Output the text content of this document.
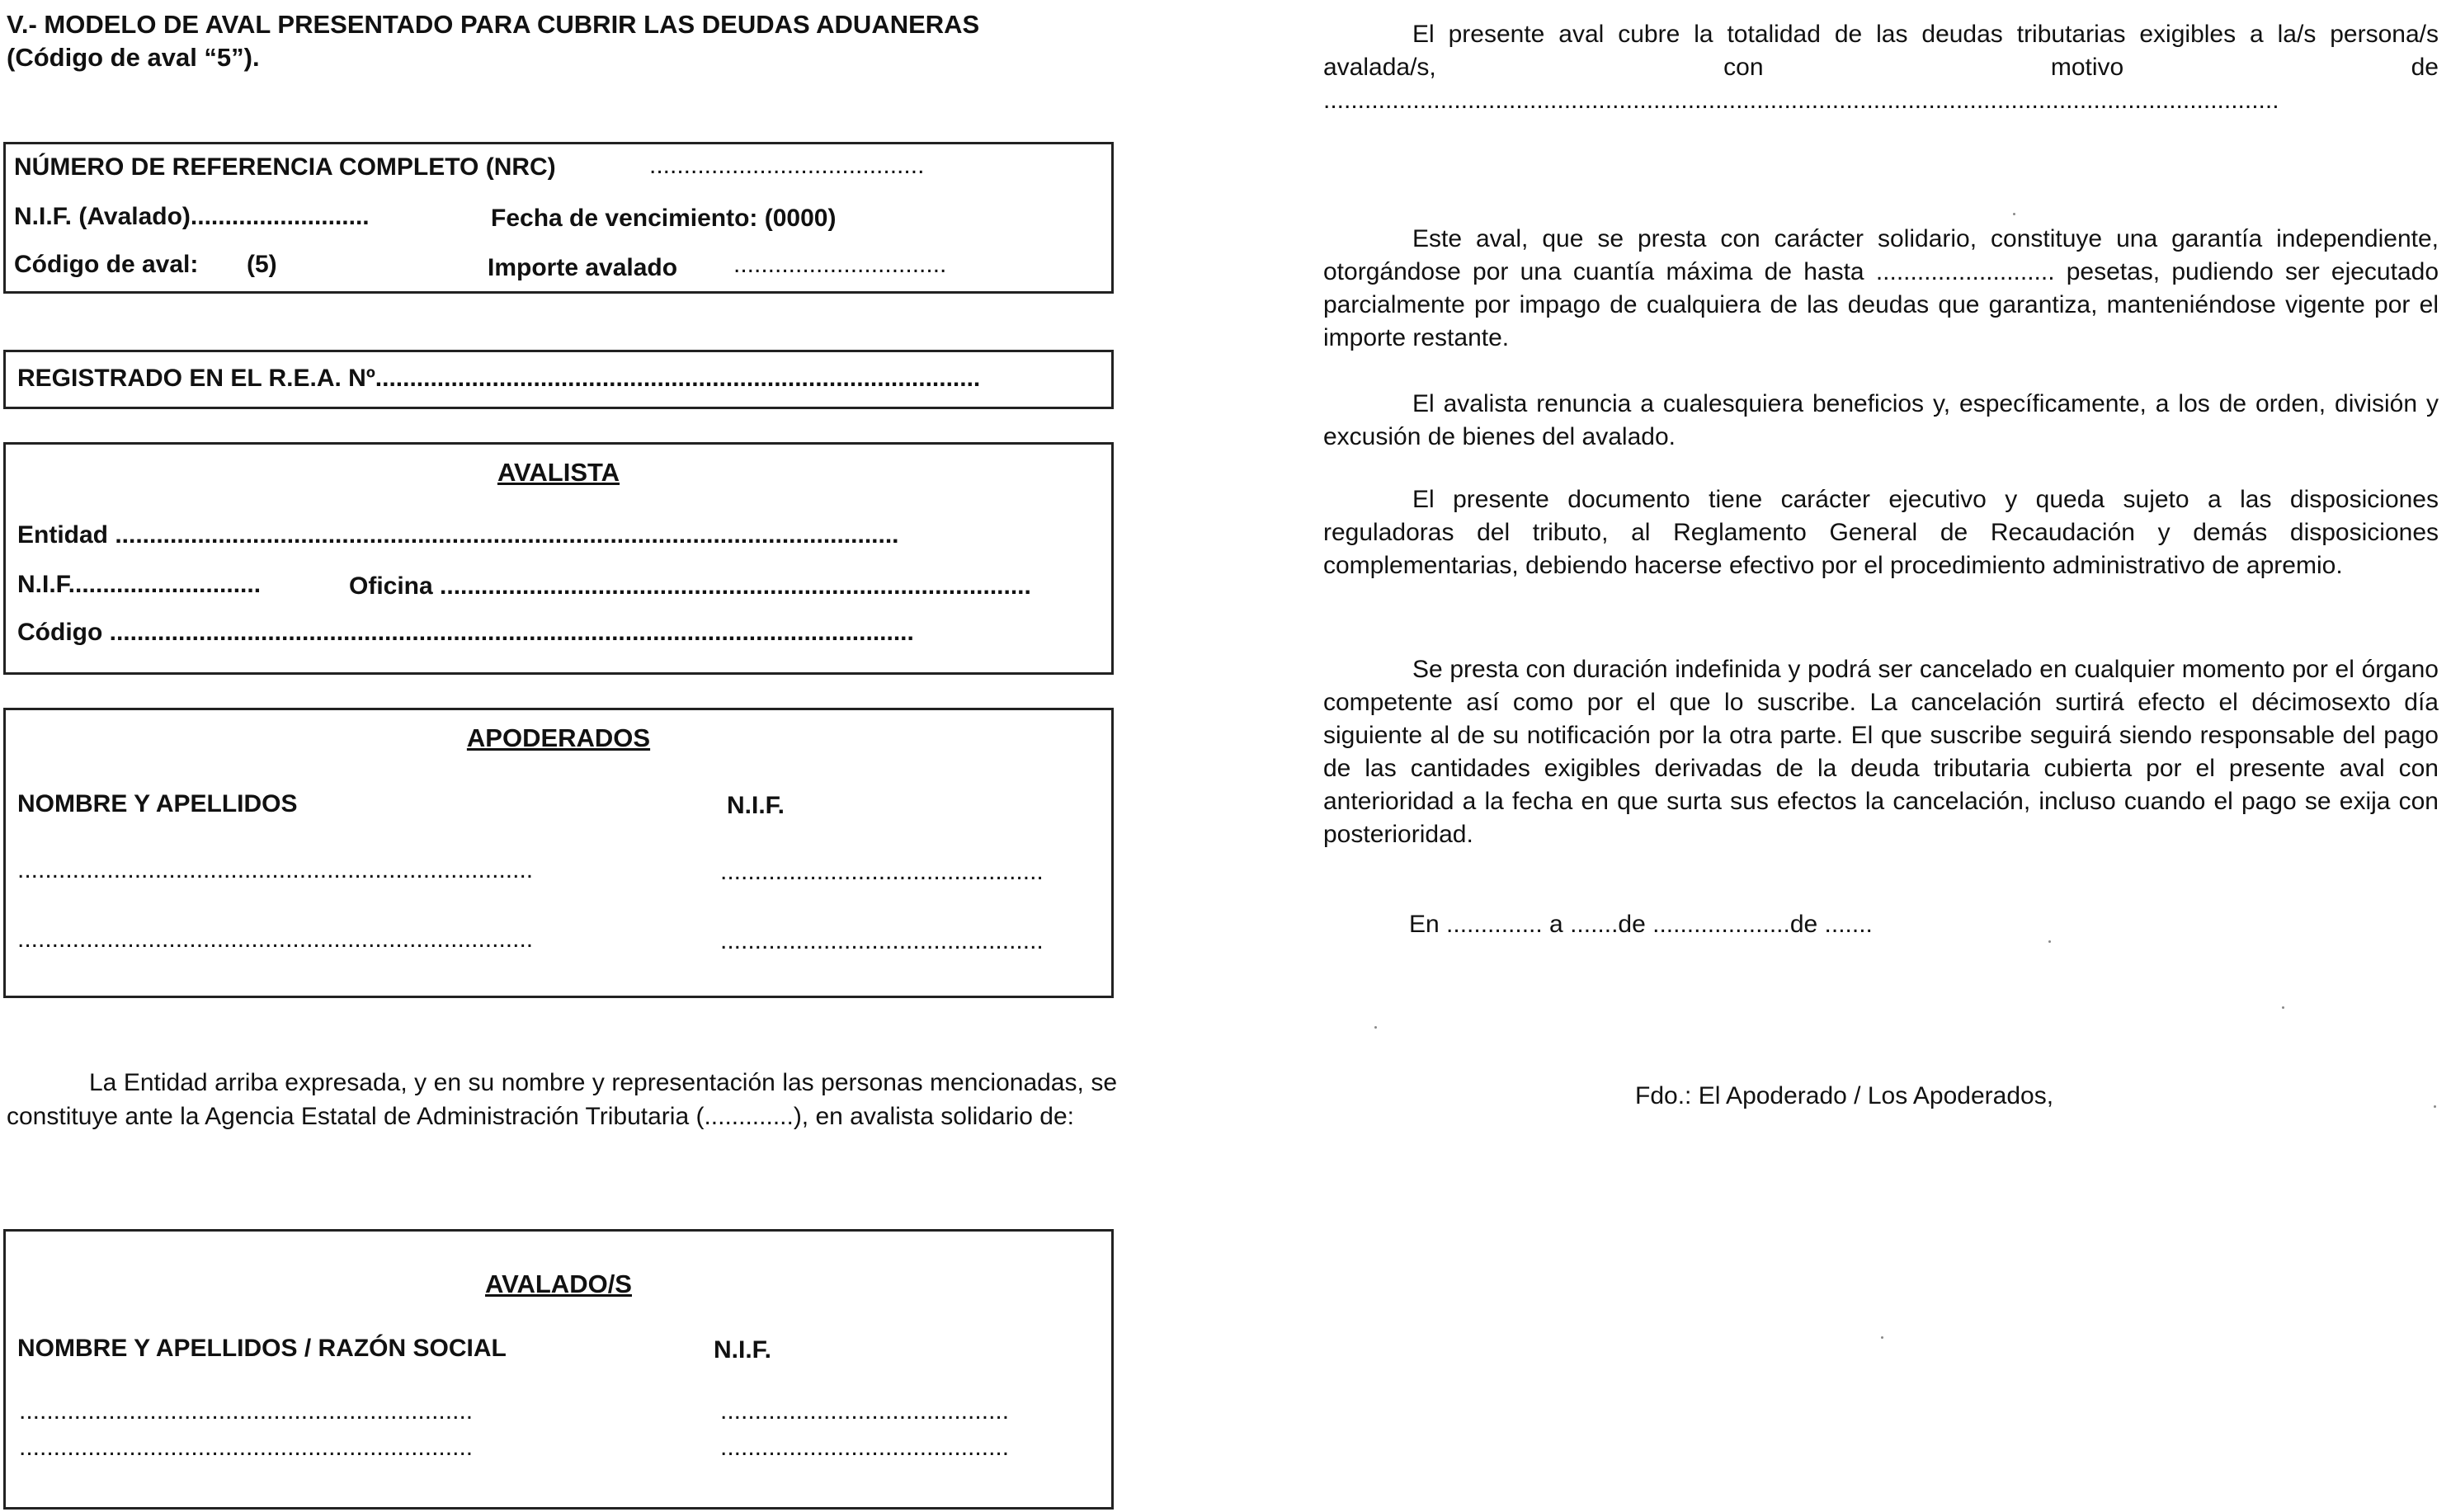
V.- MODELO DE AVAL PRESENTADO PARA CUBRIR LAS DEUDAS ADUANERAS
(Código de aval “5”).

NÚMERO DE REFERENCIA COMPLETO (NRC)	........................................
N.I.F. (Avalado)..........................	Fecha de vencimiento: (0000)
Código de aval: (5)	Importe avalado ...............................
REGISTRADO EN EL R.E.A. Nº........................................................................................
AVALISTA
Entidad ..................................................................................................................
N.I.F............................	Oficina ......................................................................................
Código .....................................................................................................................
APODERADOS
NOMBRE Y APELLIDOS	N.I.F.
...........................................................................	...............................................
...........................................................................	...............................................

La Entidad arriba expresada, y en su nombre y representación las personas mencionadas, se constituye ante la Agencia Estatal de Administración Tributaria (.............), en avalista solidario de:

AVALADO/S
NOMBRE Y APELLIDOS / RAZÓN SOCIAL	N.I.F.
..................................................................	..........................................
..................................................................	..........................................

El presente aval cubre la totalidad de las deudas tributarias exigibles a la/s persona/s avalada/s, con motivo de ...........................................................................................................................................

Este aval, que se presta con carácter solidario, constituye una garantía independiente, otorgándose por una cuantía máxima de hasta .......................... pesetas, pudiendo ser ejecutado parcialmente por impago de cualquiera de las deudas que garantiza, manteniéndose vigente por el importe restante.

El avalista renuncia a cualesquiera beneficios y, específicamente, a los de orden, división y excusión de bienes del avalado.

El presente documento tiene carácter ejecutivo y queda sujeto a las disposiciones reguladoras del tributo, al Reglamento General de Recaudación y demás disposiciones complementarias, debiendo hacerse efectivo por el procedimiento administrativo de apremio.

Se presta con duración indefinida y podrá ser cancelado en cualquier momento por el órgano competente así como por el que lo suscribe. La cancelación surtirá efecto el décimosexto día siguiente al de su notificación por la otra parte. El que suscribe seguirá siendo responsable del pago de las cantidades exigibles derivadas de la deuda tributaria cubierta por el presente aval con anterioridad a la fecha en que surta sus efectos la cancelación, incluso cuando el pago se exija con posterioridad.

En .............. a .......de ....................de .......
Fdo.: El Apoderado / Los Apoderados,
